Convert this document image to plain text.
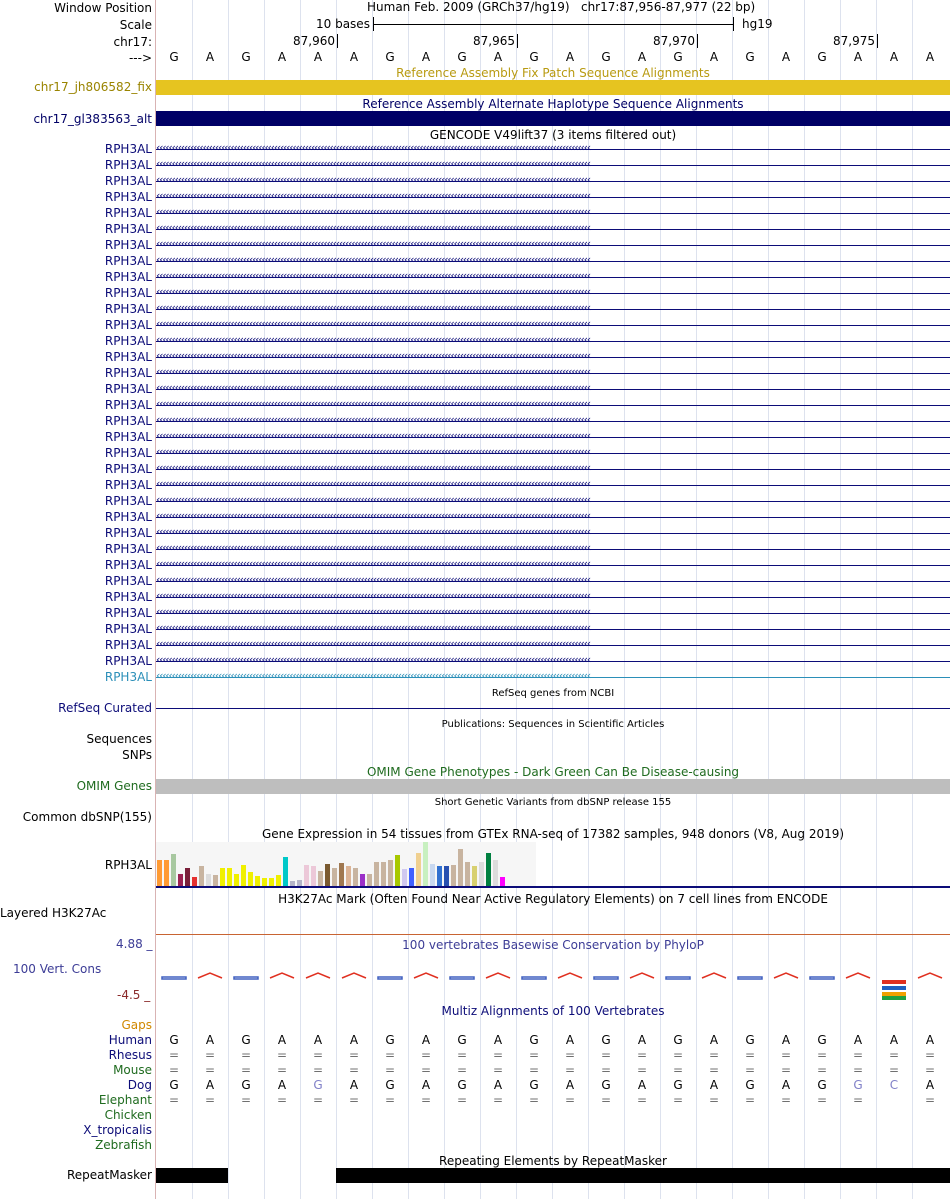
Window Position
Scale
chr17:
--->
Human Feb. 2009 (GRCh37/hg19) chr17:87,956-87,977 (22 bp)
10 bases	hg19
87,960	87,965	87,970	87,975
G	A	G	A	A	A	G	A	G	A	G	A	G	A	G	A	G	A	G	A	A	A
Reference Assembly Fix Patch Sequence Alignments
chr17_jh806582_fix
Reference Assembly Alternate Haplotype Sequence Alignments
chr17_gl383563_alt
GENCODE V49lift37 (3 items filtered out)
RPH3AL ‹‹‹‹‹‹‹‹‹‹‹‹‹‹‹‹‹‹‹‹‹‹‹‹‹‹‹‹‹‹‹‹‹‹‹‹‹‹‹‹‹‹‹‹‹‹‹‹‹‹‹‹‹‹‹‹‹‹‹‹‹‹‹‹‹‹‹‹‹‹‹‹‹‹‹‹‹‹‹‹‹‹‹‹‹‹‹‹‹‹‹‹‹‹‹‹‹‹‹‹‹‹‹‹‹‹‹‹‹‹‹‹‹‹‹‹‹‹‹‹‹‹‹‹‹‹‹‹‹‹‹‹‹‹‹‹‹‹‹‹
RPH3AL ‹‹‹‹‹‹‹‹‹‹‹‹‹‹‹‹‹‹‹‹‹‹‹‹‹‹‹‹‹‹‹‹‹‹‹‹‹‹‹‹‹‹‹‹‹‹‹‹‹‹‹‹‹‹‹‹‹‹‹‹‹‹‹‹‹‹‹‹‹‹‹‹‹‹‹‹‹‹‹‹‹‹‹‹‹‹‹‹‹‹‹‹‹‹‹‹‹‹‹‹‹‹‹‹‹‹‹‹‹‹‹‹‹‹‹‹‹‹‹‹‹‹‹‹‹‹‹‹‹‹‹‹‹‹‹‹‹‹‹‹
RPH3AL ‹‹‹‹‹‹‹‹‹‹‹‹‹‹‹‹‹‹‹‹‹‹‹‹‹‹‹‹‹‹‹‹‹‹‹‹‹‹‹‹‹‹‹‹‹‹‹‹‹‹‹‹‹‹‹‹‹‹‹‹‹‹‹‹‹‹‹‹‹‹‹‹‹‹‹‹‹‹‹‹‹‹‹‹‹‹‹‹‹‹‹‹‹‹‹‹‹‹‹‹‹‹‹‹‹‹‹‹‹‹‹‹‹‹‹‹‹‹‹‹‹‹‹‹‹‹‹‹‹‹‹‹‹‹‹‹‹‹‹‹
RPH3AL ‹‹‹‹‹‹‹‹‹‹‹‹‹‹‹‹‹‹‹‹‹‹‹‹‹‹‹‹‹‹‹‹‹‹‹‹‹‹‹‹‹‹‹‹‹‹‹‹‹‹‹‹‹‹‹‹‹‹‹‹‹‹‹‹‹‹‹‹‹‹‹‹‹‹‹‹‹‹‹‹‹‹‹‹‹‹‹‹‹‹‹‹‹‹‹‹‹‹‹‹‹‹‹‹‹‹‹‹‹‹‹‹‹‹‹‹‹‹‹‹‹‹‹‹‹‹‹‹‹‹‹‹‹‹‹‹‹‹‹‹
RPH3AL ‹‹‹‹‹‹‹‹‹‹‹‹‹‹‹‹‹‹‹‹‹‹‹‹‹‹‹‹‹‹‹‹‹‹‹‹‹‹‹‹‹‹‹‹‹‹‹‹‹‹‹‹‹‹‹‹‹‹‹‹‹‹‹‹‹‹‹‹‹‹‹‹‹‹‹‹‹‹‹‹‹‹‹‹‹‹‹‹‹‹‹‹‹‹‹‹‹‹‹‹‹‹‹‹‹‹‹‹‹‹‹‹‹‹‹‹‹‹‹‹‹‹‹‹‹‹‹‹‹‹‹‹‹‹‹‹‹‹‹‹
RPH3AL ‹‹‹‹‹‹‹‹‹‹‹‹‹‹‹‹‹‹‹‹‹‹‹‹‹‹‹‹‹‹‹‹‹‹‹‹‹‹‹‹‹‹‹‹‹‹‹‹‹‹‹‹‹‹‹‹‹‹‹‹‹‹‹‹‹‹‹‹‹‹‹‹‹‹‹‹‹‹‹‹‹‹‹‹‹‹‹‹‹‹‹‹‹‹‹‹‹‹‹‹‹‹‹‹‹‹‹‹‹‹‹‹‹‹‹‹‹‹‹‹‹‹‹‹‹‹‹‹‹‹‹‹‹‹‹‹‹‹‹‹
RPH3AL ‹‹‹‹‹‹‹‹‹‹‹‹‹‹‹‹‹‹‹‹‹‹‹‹‹‹‹‹‹‹‹‹‹‹‹‹‹‹‹‹‹‹‹‹‹‹‹‹‹‹‹‹‹‹‹‹‹‹‹‹‹‹‹‹‹‹‹‹‹‹‹‹‹‹‹‹‹‹‹‹‹‹‹‹‹‹‹‹‹‹‹‹‹‹‹‹‹‹‹‹‹‹‹‹‹‹‹‹‹‹‹‹‹‹‹‹‹‹‹‹‹‹‹‹‹‹‹‹‹‹‹‹‹‹‹‹‹‹‹‹
RPH3AL ‹‹‹‹‹‹‹‹‹‹‹‹‹‹‹‹‹‹‹‹‹‹‹‹‹‹‹‹‹‹‹‹‹‹‹‹‹‹‹‹‹‹‹‹‹‹‹‹‹‹‹‹‹‹‹‹‹‹‹‹‹‹‹‹‹‹‹‹‹‹‹‹‹‹‹‹‹‹‹‹‹‹‹‹‹‹‹‹‹‹‹‹‹‹‹‹‹‹‹‹‹‹‹‹‹‹‹‹‹‹‹‹‹‹‹‹‹‹‹‹‹‹‹‹‹‹‹‹‹‹‹‹‹‹‹‹‹‹‹‹
RPH3AL ‹‹‹‹‹‹‹‹‹‹‹‹‹‹‹‹‹‹‹‹‹‹‹‹‹‹‹‹‹‹‹‹‹‹‹‹‹‹‹‹‹‹‹‹‹‹‹‹‹‹‹‹‹‹‹‹‹‹‹‹‹‹‹‹‹‹‹‹‹‹‹‹‹‹‹‹‹‹‹‹‹‹‹‹‹‹‹‹‹‹‹‹‹‹‹‹‹‹‹‹‹‹‹‹‹‹‹‹‹‹‹‹‹‹‹‹‹‹‹‹‹‹‹‹‹‹‹‹‹‹‹‹‹‹‹‹‹‹‹‹
RPH3AL ‹‹‹‹‹‹‹‹‹‹‹‹‹‹‹‹‹‹‹‹‹‹‹‹‹‹‹‹‹‹‹‹‹‹‹‹‹‹‹‹‹‹‹‹‹‹‹‹‹‹‹‹‹‹‹‹‹‹‹‹‹‹‹‹‹‹‹‹‹‹‹‹‹‹‹‹‹‹‹‹‹‹‹‹‹‹‹‹‹‹‹‹‹‹‹‹‹‹‹‹‹‹‹‹‹‹‹‹‹‹‹‹‹‹‹‹‹‹‹‹‹‹‹‹‹‹‹‹‹‹‹‹‹‹‹‹‹‹‹‹
RPH3AL ‹‹‹‹‹‹‹‹‹‹‹‹‹‹‹‹‹‹‹‹‹‹‹‹‹‹‹‹‹‹‹‹‹‹‹‹‹‹‹‹‹‹‹‹‹‹‹‹‹‹‹‹‹‹‹‹‹‹‹‹‹‹‹‹‹‹‹‹‹‹‹‹‹‹‹‹‹‹‹‹‹‹‹‹‹‹‹‹‹‹‹‹‹‹‹‹‹‹‹‹‹‹‹‹‹‹‹‹‹‹‹‹‹‹‹‹‹‹‹‹‹‹‹‹‹‹‹‹‹‹‹‹‹‹‹‹‹‹‹‹
RPH3AL ‹‹‹‹‹‹‹‹‹‹‹‹‹‹‹‹‹‹‹‹‹‹‹‹‹‹‹‹‹‹‹‹‹‹‹‹‹‹‹‹‹‹‹‹‹‹‹‹‹‹‹‹‹‹‹‹‹‹‹‹‹‹‹‹‹‹‹‹‹‹‹‹‹‹‹‹‹‹‹‹‹‹‹‹‹‹‹‹‹‹‹‹‹‹‹‹‹‹‹‹‹‹‹‹‹‹‹‹‹‹‹‹‹‹‹‹‹‹‹‹‹‹‹‹‹‹‹‹‹‹‹‹‹‹‹‹‹‹‹‹
RPH3AL ‹‹‹‹‹‹‹‹‹‹‹‹‹‹‹‹‹‹‹‹‹‹‹‹‹‹‹‹‹‹‹‹‹‹‹‹‹‹‹‹‹‹‹‹‹‹‹‹‹‹‹‹‹‹‹‹‹‹‹‹‹‹‹‹‹‹‹‹‹‹‹‹‹‹‹‹‹‹‹‹‹‹‹‹‹‹‹‹‹‹‹‹‹‹‹‹‹‹‹‹‹‹‹‹‹‹‹‹‹‹‹‹‹‹‹‹‹‹‹‹‹‹‹‹‹‹‹‹‹‹‹‹‹‹‹‹‹‹‹‹
RPH3AL ‹‹‹‹‹‹‹‹‹‹‹‹‹‹‹‹‹‹‹‹‹‹‹‹‹‹‹‹‹‹‹‹‹‹‹‹‹‹‹‹‹‹‹‹‹‹‹‹‹‹‹‹‹‹‹‹‹‹‹‹‹‹‹‹‹‹‹‹‹‹‹‹‹‹‹‹‹‹‹‹‹‹‹‹‹‹‹‹‹‹‹‹‹‹‹‹‹‹‹‹‹‹‹‹‹‹‹‹‹‹‹‹‹‹‹‹‹‹‹‹‹‹‹‹‹‹‹‹‹‹‹‹‹‹‹‹‹‹‹‹
RPH3AL ‹‹‹‹‹‹‹‹‹‹‹‹‹‹‹‹‹‹‹‹‹‹‹‹‹‹‹‹‹‹‹‹‹‹‹‹‹‹‹‹‹‹‹‹‹‹‹‹‹‹‹‹‹‹‹‹‹‹‹‹‹‹‹‹‹‹‹‹‹‹‹‹‹‹‹‹‹‹‹‹‹‹‹‹‹‹‹‹‹‹‹‹‹‹‹‹‹‹‹‹‹‹‹‹‹‹‹‹‹‹‹‹‹‹‹‹‹‹‹‹‹‹‹‹‹‹‹‹‹‹‹‹‹‹‹‹‹‹‹‹
RPH3AL ‹‹‹‹‹‹‹‹‹‹‹‹‹‹‹‹‹‹‹‹‹‹‹‹‹‹‹‹‹‹‹‹‹‹‹‹‹‹‹‹‹‹‹‹‹‹‹‹‹‹‹‹‹‹‹‹‹‹‹‹‹‹‹‹‹‹‹‹‹‹‹‹‹‹‹‹‹‹‹‹‹‹‹‹‹‹‹‹‹‹‹‹‹‹‹‹‹‹‹‹‹‹‹‹‹‹‹‹‹‹‹‹‹‹‹‹‹‹‹‹‹‹‹‹‹‹‹‹‹‹‹‹‹‹‹‹‹‹‹‹
RPH3AL ‹‹‹‹‹‹‹‹‹‹‹‹‹‹‹‹‹‹‹‹‹‹‹‹‹‹‹‹‹‹‹‹‹‹‹‹‹‹‹‹‹‹‹‹‹‹‹‹‹‹‹‹‹‹‹‹‹‹‹‹‹‹‹‹‹‹‹‹‹‹‹‹‹‹‹‹‹‹‹‹‹‹‹‹‹‹‹‹‹‹‹‹‹‹‹‹‹‹‹‹‹‹‹‹‹‹‹‹‹‹‹‹‹‹‹‹‹‹‹‹‹‹‹‹‹‹‹‹‹‹‹‹‹‹‹‹‹‹‹‹
RPH3AL ‹‹‹‹‹‹‹‹‹‹‹‹‹‹‹‹‹‹‹‹‹‹‹‹‹‹‹‹‹‹‹‹‹‹‹‹‹‹‹‹‹‹‹‹‹‹‹‹‹‹‹‹‹‹‹‹‹‹‹‹‹‹‹‹‹‹‹‹‹‹‹‹‹‹‹‹‹‹‹‹‹‹‹‹‹‹‹‹‹‹‹‹‹‹‹‹‹‹‹‹‹‹‹‹‹‹‹‹‹‹‹‹‹‹‹‹‹‹‹‹‹‹‹‹‹‹‹‹‹‹‹‹‹‹‹‹‹‹‹‹
RPH3AL ‹‹‹‹‹‹‹‹‹‹‹‹‹‹‹‹‹‹‹‹‹‹‹‹‹‹‹‹‹‹‹‹‹‹‹‹‹‹‹‹‹‹‹‹‹‹‹‹‹‹‹‹‹‹‹‹‹‹‹‹‹‹‹‹‹‹‹‹‹‹‹‹‹‹‹‹‹‹‹‹‹‹‹‹‹‹‹‹‹‹‹‹‹‹‹‹‹‹‹‹‹‹‹‹‹‹‹‹‹‹‹‹‹‹‹‹‹‹‹‹‹‹‹‹‹‹‹‹‹‹‹‹‹‹‹‹‹‹‹‹
RPH3AL ‹‹‹‹‹‹‹‹‹‹‹‹‹‹‹‹‹‹‹‹‹‹‹‹‹‹‹‹‹‹‹‹‹‹‹‹‹‹‹‹‹‹‹‹‹‹‹‹‹‹‹‹‹‹‹‹‹‹‹‹‹‹‹‹‹‹‹‹‹‹‹‹‹‹‹‹‹‹‹‹‹‹‹‹‹‹‹‹‹‹‹‹‹‹‹‹‹‹‹‹‹‹‹‹‹‹‹‹‹‹‹‹‹‹‹‹‹‹‹‹‹‹‹‹‹‹‹‹‹‹‹‹‹‹‹‹‹‹‹‹
RPH3AL ‹‹‹‹‹‹‹‹‹‹‹‹‹‹‹‹‹‹‹‹‹‹‹‹‹‹‹‹‹‹‹‹‹‹‹‹‹‹‹‹‹‹‹‹‹‹‹‹‹‹‹‹‹‹‹‹‹‹‹‹‹‹‹‹‹‹‹‹‹‹‹‹‹‹‹‹‹‹‹‹‹‹‹‹‹‹‹‹‹‹‹‹‹‹‹‹‹‹‹‹‹‹‹‹‹‹‹‹‹‹‹‹‹‹‹‹‹‹‹‹‹‹‹‹‹‹‹‹‹‹‹‹‹‹‹‹‹‹‹‹
RPH3AL ‹‹‹‹‹‹‹‹‹‹‹‹‹‹‹‹‹‹‹‹‹‹‹‹‹‹‹‹‹‹‹‹‹‹‹‹‹‹‹‹‹‹‹‹‹‹‹‹‹‹‹‹‹‹‹‹‹‹‹‹‹‹‹‹‹‹‹‹‹‹‹‹‹‹‹‹‹‹‹‹‹‹‹‹‹‹‹‹‹‹‹‹‹‹‹‹‹‹‹‹‹‹‹‹‹‹‹‹‹‹‹‹‹‹‹‹‹‹‹‹‹‹‹‹‹‹‹‹‹‹‹‹‹‹‹‹‹‹‹‹
RPH3AL ‹‹‹‹‹‹‹‹‹‹‹‹‹‹‹‹‹‹‹‹‹‹‹‹‹‹‹‹‹‹‹‹‹‹‹‹‹‹‹‹‹‹‹‹‹‹‹‹‹‹‹‹‹‹‹‹‹‹‹‹‹‹‹‹‹‹‹‹‹‹‹‹‹‹‹‹‹‹‹‹‹‹‹‹‹‹‹‹‹‹‹‹‹‹‹‹‹‹‹‹‹‹‹‹‹‹‹‹‹‹‹‹‹‹‹‹‹‹‹‹‹‹‹‹‹‹‹‹‹‹‹‹‹‹‹‹‹‹‹‹
RPH3AL ‹‹‹‹‹‹‹‹‹‹‹‹‹‹‹‹‹‹‹‹‹‹‹‹‹‹‹‹‹‹‹‹‹‹‹‹‹‹‹‹‹‹‹‹‹‹‹‹‹‹‹‹‹‹‹‹‹‹‹‹‹‹‹‹‹‹‹‹‹‹‹‹‹‹‹‹‹‹‹‹‹‹‹‹‹‹‹‹‹‹‹‹‹‹‹‹‹‹‹‹‹‹‹‹‹‹‹‹‹‹‹‹‹‹‹‹‹‹‹‹‹‹‹‹‹‹‹‹‹‹‹‹‹‹‹‹‹‹‹‹
RPH3AL ‹‹‹‹‹‹‹‹‹‹‹‹‹‹‹‹‹‹‹‹‹‹‹‹‹‹‹‹‹‹‹‹‹‹‹‹‹‹‹‹‹‹‹‹‹‹‹‹‹‹‹‹‹‹‹‹‹‹‹‹‹‹‹‹‹‹‹‹‹‹‹‹‹‹‹‹‹‹‹‹‹‹‹‹‹‹‹‹‹‹‹‹‹‹‹‹‹‹‹‹‹‹‹‹‹‹‹‹‹‹‹‹‹‹‹‹‹‹‹‹‹‹‹‹‹‹‹‹‹‹‹‹‹‹‹‹‹‹‹‹
RPH3AL ‹‹‹‹‹‹‹‹‹‹‹‹‹‹‹‹‹‹‹‹‹‹‹‹‹‹‹‹‹‹‹‹‹‹‹‹‹‹‹‹‹‹‹‹‹‹‹‹‹‹‹‹‹‹‹‹‹‹‹‹‹‹‹‹‹‹‹‹‹‹‹‹‹‹‹‹‹‹‹‹‹‹‹‹‹‹‹‹‹‹‹‹‹‹‹‹‹‹‹‹‹‹‹‹‹‹‹‹‹‹‹‹‹‹‹‹‹‹‹‹‹‹‹‹‹‹‹‹‹‹‹‹‹‹‹‹‹‹‹‹
RPH3AL ‹‹‹‹‹‹‹‹‹‹‹‹‹‹‹‹‹‹‹‹‹‹‹‹‹‹‹‹‹‹‹‹‹‹‹‹‹‹‹‹‹‹‹‹‹‹‹‹‹‹‹‹‹‹‹‹‹‹‹‹‹‹‹‹‹‹‹‹‹‹‹‹‹‹‹‹‹‹‹‹‹‹‹‹‹‹‹‹‹‹‹‹‹‹‹‹‹‹‹‹‹‹‹‹‹‹‹‹‹‹‹‹‹‹‹‹‹‹‹‹‹‹‹‹‹‹‹‹‹‹‹‹‹‹‹‹‹‹‹‹
RPH3AL ‹‹‹‹‹‹‹‹‹‹‹‹‹‹‹‹‹‹‹‹‹‹‹‹‹‹‹‹‹‹‹‹‹‹‹‹‹‹‹‹‹‹‹‹‹‹‹‹‹‹‹‹‹‹‹‹‹‹‹‹‹‹‹‹‹‹‹‹‹‹‹‹‹‹‹‹‹‹‹‹‹‹‹‹‹‹‹‹‹‹‹‹‹‹‹‹‹‹‹‹‹‹‹‹‹‹‹‹‹‹‹‹‹‹‹‹‹‹‹‹‹‹‹‹‹‹‹‹‹‹‹‹‹‹‹‹‹‹‹‹
RPH3AL ‹‹‹‹‹‹‹‹‹‹‹‹‹‹‹‹‹‹‹‹‹‹‹‹‹‹‹‹‹‹‹‹‹‹‹‹‹‹‹‹‹‹‹‹‹‹‹‹‹‹‹‹‹‹‹‹‹‹‹‹‹‹‹‹‹‹‹‹‹‹‹‹‹‹‹‹‹‹‹‹‹‹‹‹‹‹‹‹‹‹‹‹‹‹‹‹‹‹‹‹‹‹‹‹‹‹‹‹‹‹‹‹‹‹‹‹‹‹‹‹‹‹‹‹‹‹‹‹‹‹‹‹‹‹‹‹‹‹‹‹
RPH3AL ‹‹‹‹‹‹‹‹‹‹‹‹‹‹‹‹‹‹‹‹‹‹‹‹‹‹‹‹‹‹‹‹‹‹‹‹‹‹‹‹‹‹‹‹‹‹‹‹‹‹‹‹‹‹‹‹‹‹‹‹‹‹‹‹‹‹‹‹‹‹‹‹‹‹‹‹‹‹‹‹‹‹‹‹‹‹‹‹‹‹‹‹‹‹‹‹‹‹‹‹‹‹‹‹‹‹‹‹‹‹‹‹‹‹‹‹‹‹‹‹‹‹‹‹‹‹‹‹‹‹‹‹‹‹‹‹‹‹‹‹
RPH3AL ‹‹‹‹‹‹‹‹‹‹‹‹‹‹‹‹‹‹‹‹‹‹‹‹‹‹‹‹‹‹‹‹‹‹‹‹‹‹‹‹‹‹‹‹‹‹‹‹‹‹‹‹‹‹‹‹‹‹‹‹‹‹‹‹‹‹‹‹‹‹‹‹‹‹‹‹‹‹‹‹‹‹‹‹‹‹‹‹‹‹‹‹‹‹‹‹‹‹‹‹‹‹‹‹‹‹‹‹‹‹‹‹‹‹‹‹‹‹‹‹‹‹‹‹‹‹‹‹‹‹‹‹‹‹‹‹‹‹‹‹
RPH3AL ‹‹‹‹‹‹‹‹‹‹‹‹‹‹‹‹‹‹‹‹‹‹‹‹‹‹‹‹‹‹‹‹‹‹‹‹‹‹‹‹‹‹‹‹‹‹‹‹‹‹‹‹‹‹‹‹‹‹‹‹‹‹‹‹‹‹‹‹‹‹‹‹‹‹‹‹‹‹‹‹‹‹‹‹‹‹‹‹‹‹‹‹‹‹‹‹‹‹‹‹‹‹‹‹‹‹‹‹‹‹‹‹‹‹‹‹‹‹‹‹‹‹‹‹‹‹‹‹‹‹‹‹‹‹‹‹‹‹‹‹
RPH3AL ‹‹‹‹‹‹‹‹‹‹‹‹‹‹‹‹‹‹‹‹‹‹‹‹‹‹‹‹‹‹‹‹‹‹‹‹‹‹‹‹‹‹‹‹‹‹‹‹‹‹‹‹‹‹‹‹‹‹‹‹‹‹‹‹‹‹‹‹‹‹‹‹‹‹‹‹‹‹‹‹‹‹‹‹‹‹‹‹‹‹‹‹‹‹‹‹‹‹‹‹‹‹‹‹‹‹‹‹‹‹‹‹‹‹‹‹‹‹‹‹‹‹‹‹‹‹‹‹‹‹‹‹‹‹‹‹‹‹‹‹
RPH3AL ‹‹‹‹‹‹‹‹‹‹‹‹‹‹‹‹‹‹‹‹‹‹‹‹‹‹‹‹‹‹‹‹‹‹‹‹‹‹‹‹‹‹‹‹‹‹‹‹‹‹‹‹‹‹‹‹‹‹‹‹‹‹‹‹‹‹‹‹‹‹‹‹‹‹‹‹‹‹‹‹‹‹‹‹‹‹‹‹‹‹‹‹‹‹‹‹‹‹‹‹‹‹‹‹‹‹‹‹‹‹‹‹‹‹‹‹‹‹‹‹‹‹‹‹‹‹‹‹‹‹‹‹‹‹‹‹‹‹‹‹
RefSeq genes from NCBI
RefSeq Curated
Publications: Sequences in Scientific Articles
Sequences
SNPs
OMIM Gene Phenotypes - Dark Green Can Be Disease-causing
OMIM Genes
Short Genetic Variants from dbSNP release 155
Common dbSNP(155)
Gene Expression in 54 tissues from GTEx RNA-seq of 17382 samples, 948 donors (V8, Aug 2019)
RPH3AL
H3K27Ac Mark (Often Found Near Active Regulatory Elements) on 7 cell lines from ENCODE
Layered H3K27Ac
100 vertebrates Basewise Conservation by PhyloP
4.88 _
100 Vert. Cons
-4.5 _
Multiz Alignments of 100 Vertebrates
Gaps
Human	G	A	G	A	A	A	G	A	G	A	G	A	G	A	G	A	G	A	G	A	A	A
Rhesus	=	=	=	=	=	=	=	=	=	=	=	=	=	=	=	=	=	=	=	=	=	=
Mouse	=	=	=	=	=	=	=	=	=	=	=	=	=	=	=	=	=	=	=	=	=	=
Dog	G	A	G	A	G	A	G	A	G	A	G	A	G	A	G	A	G	A	G	G	C	A
Elephant	=	=	=	=	=	=	=	=	=	=	=	=	=	=	=	=	=	=	=	=	=
Chicken
X_tropicalis
Zebrafish
Repeating Elements by RepeatMasker
RepeatMasker
